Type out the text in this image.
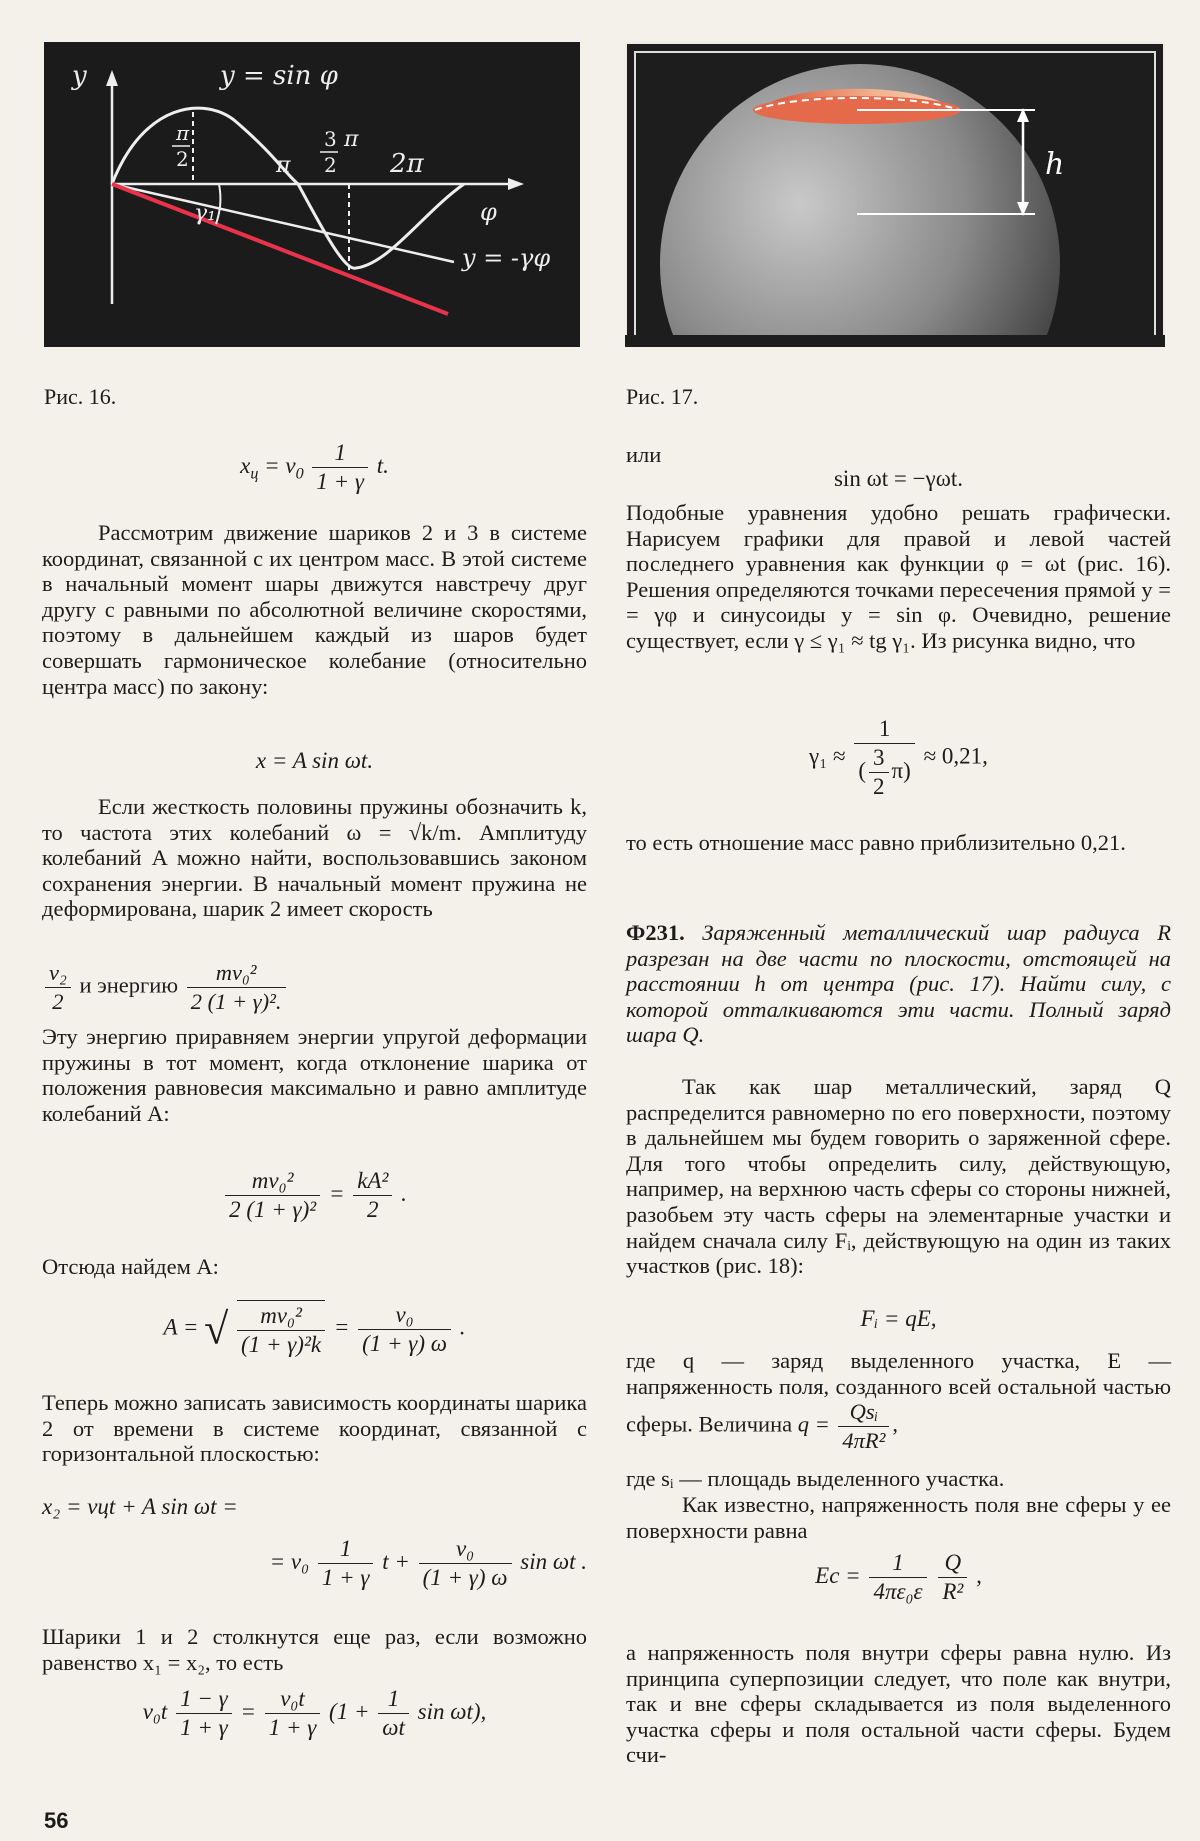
y	y = sin φ
π
2	π
3
2
π
2π
φ
γ₁
y = -γφ
Рис. 16.
h
Рис. 17.
$x_ц = v_0 \frac{1}{1 + \gamma} t$.

Рассмотрим движение шариков 2 и 3 в системе координат, связанной с их центром масс. В этой системе в начальный момент шары движутся навстречу друг другу с равными по абсолютной величине скоростями, поэтому в дальнейшем каждый из шаров будет совершать гармоническое колебание (относительно центра масс) по закону:

x = A sin ωt.

Если жесткость половины пружины обозначить k, то частота этих колебаний ω = √k/m. Амплитуду колебаний A можно найти, воспользовавшись законом сохранения энергии. В начальный момент пружина не деформирована, шарик 2 имеет скорость

$\frac{\text{v₂}}{2}$ и энергию $\frac{\text{mv₀²}}{\text{2 (1 + γ)².}}$

Эту энергию приравняем энергии упругой деформации пружины в тот момент, когда отклонение шарика от положения равновесия максимально и равно амплитуде колебаний A:

$\frac{\text{mv₀²}}{\text{2 (1 + γ)²}} = \frac{\text{kA²}}{2}$ .

Отсюда найдем A:

A = √ $\frac{\text{mv₀²}}{\text{(1 + γ)²k}} = \frac{\text{v₀}}{(1 + \gamma) \omega}$ .

Теперь можно записать зависимость координаты шарика 2 от времени в системе координат, связанной с горизонтальной плоскостью:

x₂ = vцt + A sin ωt =
= $v_0 \frac{1}{1 + \gamma}$ $t + \frac{\text{v₀}}{(1 + \gamma) \omega}$ sin ωt .

Шарики 1 и 2 столкнутся еще раз, если возможно равенство x₁ = x₂, то есть

$v_0t \frac{1 - \gamma}{1 + \gamma} = \frac{\text{v₀t}}{1 + \gamma} (1 + \frac{1}{\omega t}$ sin ωt),

или

sin ωt = −γωt.

Подобные уравнения удобно решать графически. Нарисуем графики для правой и левой частей последнего уравнения как функции φ = ωt (рис. 16). Решения определяются точками пересечения прямой y = = γφ и синусоиды y = sin φ. Очевидно, решение существует, если γ ≤ γ₁ ≈ tg γ₁. Из рисунка видно, что

$\gamma_1 \approx \frac{1}{( \frac{3}{2} \pi)} \approx 0,21$,

то есть отношение масс равно приблизительно 0,21.

Ф231. Заряженный металлический шар радиуса R разрезан на две части по плоскости, отстоящей на расстоянии h от центра (рис. 17). Найти силу, с которой отталкиваются эти части. Полный заряд шара Q.

Так как шар металлический, заряд Q распределится равномерно по его поверхности, поэтому в дальнейшем мы будем говорить о заряженной сфере. Для того чтобы определить силу, действующую, например, на верхнюю часть сферы со стороны нижней, разобьем эту часть сферы на элементарные участки и найдем сначала силу Fᵢ, действующую на один из таких участков (рис. 18):

Fᵢ = qE,

где q — заряд выделенного участка, E — напряженность поля, созданного всей остальной частью сферы. Величина $q = \frac{\text{Qsᵢ}}{\text{4πR²}}$ ,

где sᵢ — площадь выделенного участка.

Как известно, напряженность поля вне сферы у ее поверхности равна

Eс = $\frac{1}{\text{4πε₀ε}}$
$\frac{Q}{\text{R²}}$ ,

а напряженность поля внутри сферы равна нулю. Из принципа суперпозиции следует, что поле как внутри, так и вне сферы складывается из поля выделенного участка сферы и поля остальной части сферы. Будем счи-

56
